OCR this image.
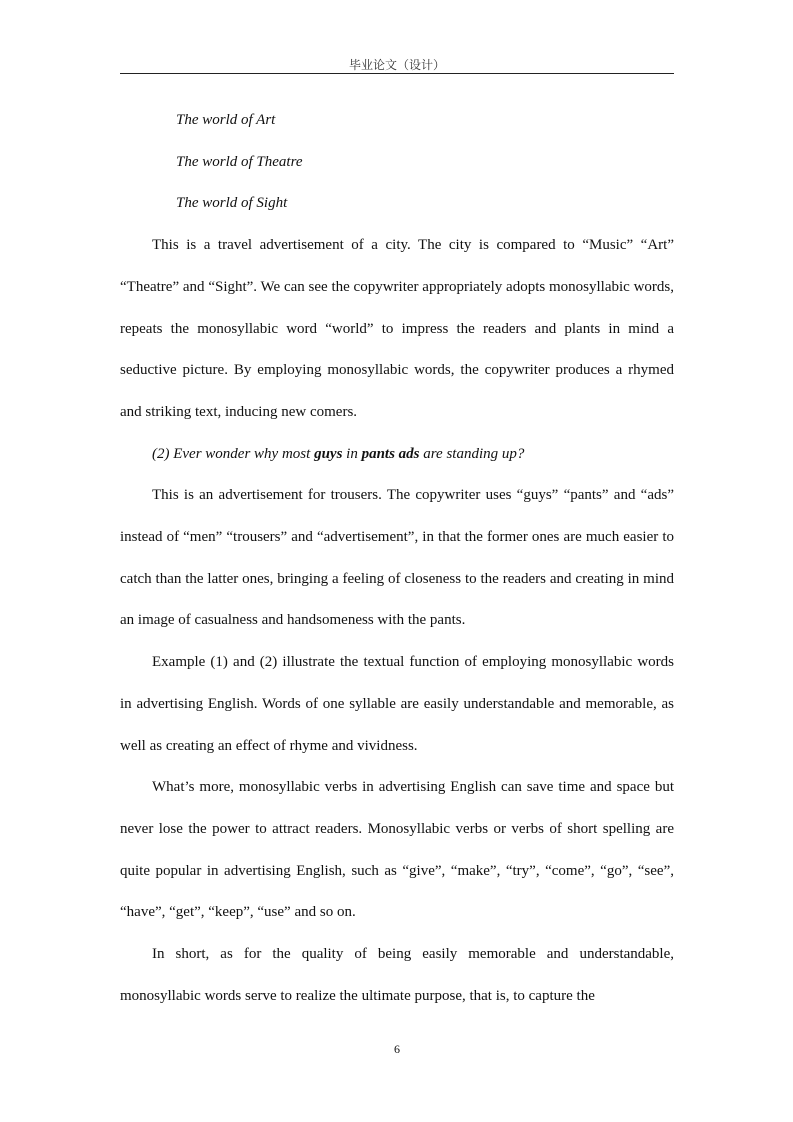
毕业论文（设计）

The world of Art

The world of Theatre

The world of Sight

This is a travel advertisement of a city. The city is compared to “Music” “Art” “Theatre” and “Sight”. We can see the copywriter appropriately adopts monosyllabic words, repeats the monosyllabic word “world” to impress the readers and plants in mind a seductive picture. By employing monosyllabic words, the copywriter produces a rhymed and striking text, inducing new comers.

(2) Ever wonder why most guys in pants ads are standing up?

This is an advertisement for trousers. The copywriter uses “guys” “pants” and “ads” instead of “men” “trousers” and “advertisement”, in that the former ones are much easier to catch than the latter ones, bringing a feeling of closeness to the readers and creating in mind an image of casualness and handsomeness with the pants.

Example (1) and (2) illustrate the textual function of employing monosyllabic words in advertising English. Words of one syllable are easily understandable and memorable, as well as creating an effect of rhyme and vividness.

What’s more, monosyllabic verbs in advertising English can save time and space but never lose the power to attract readers. Monosyllabic verbs or verbs of short spelling are quite popular in advertising English, such as “give”, “make”, “try”, “come”, “go”, “see”, “have”, “get”, “keep”, “use” and so on.

In short, as for the quality of being easily memorable and understandable, monosyllabic words serve to realize the ultimate purpose, that is, to capture the

6
